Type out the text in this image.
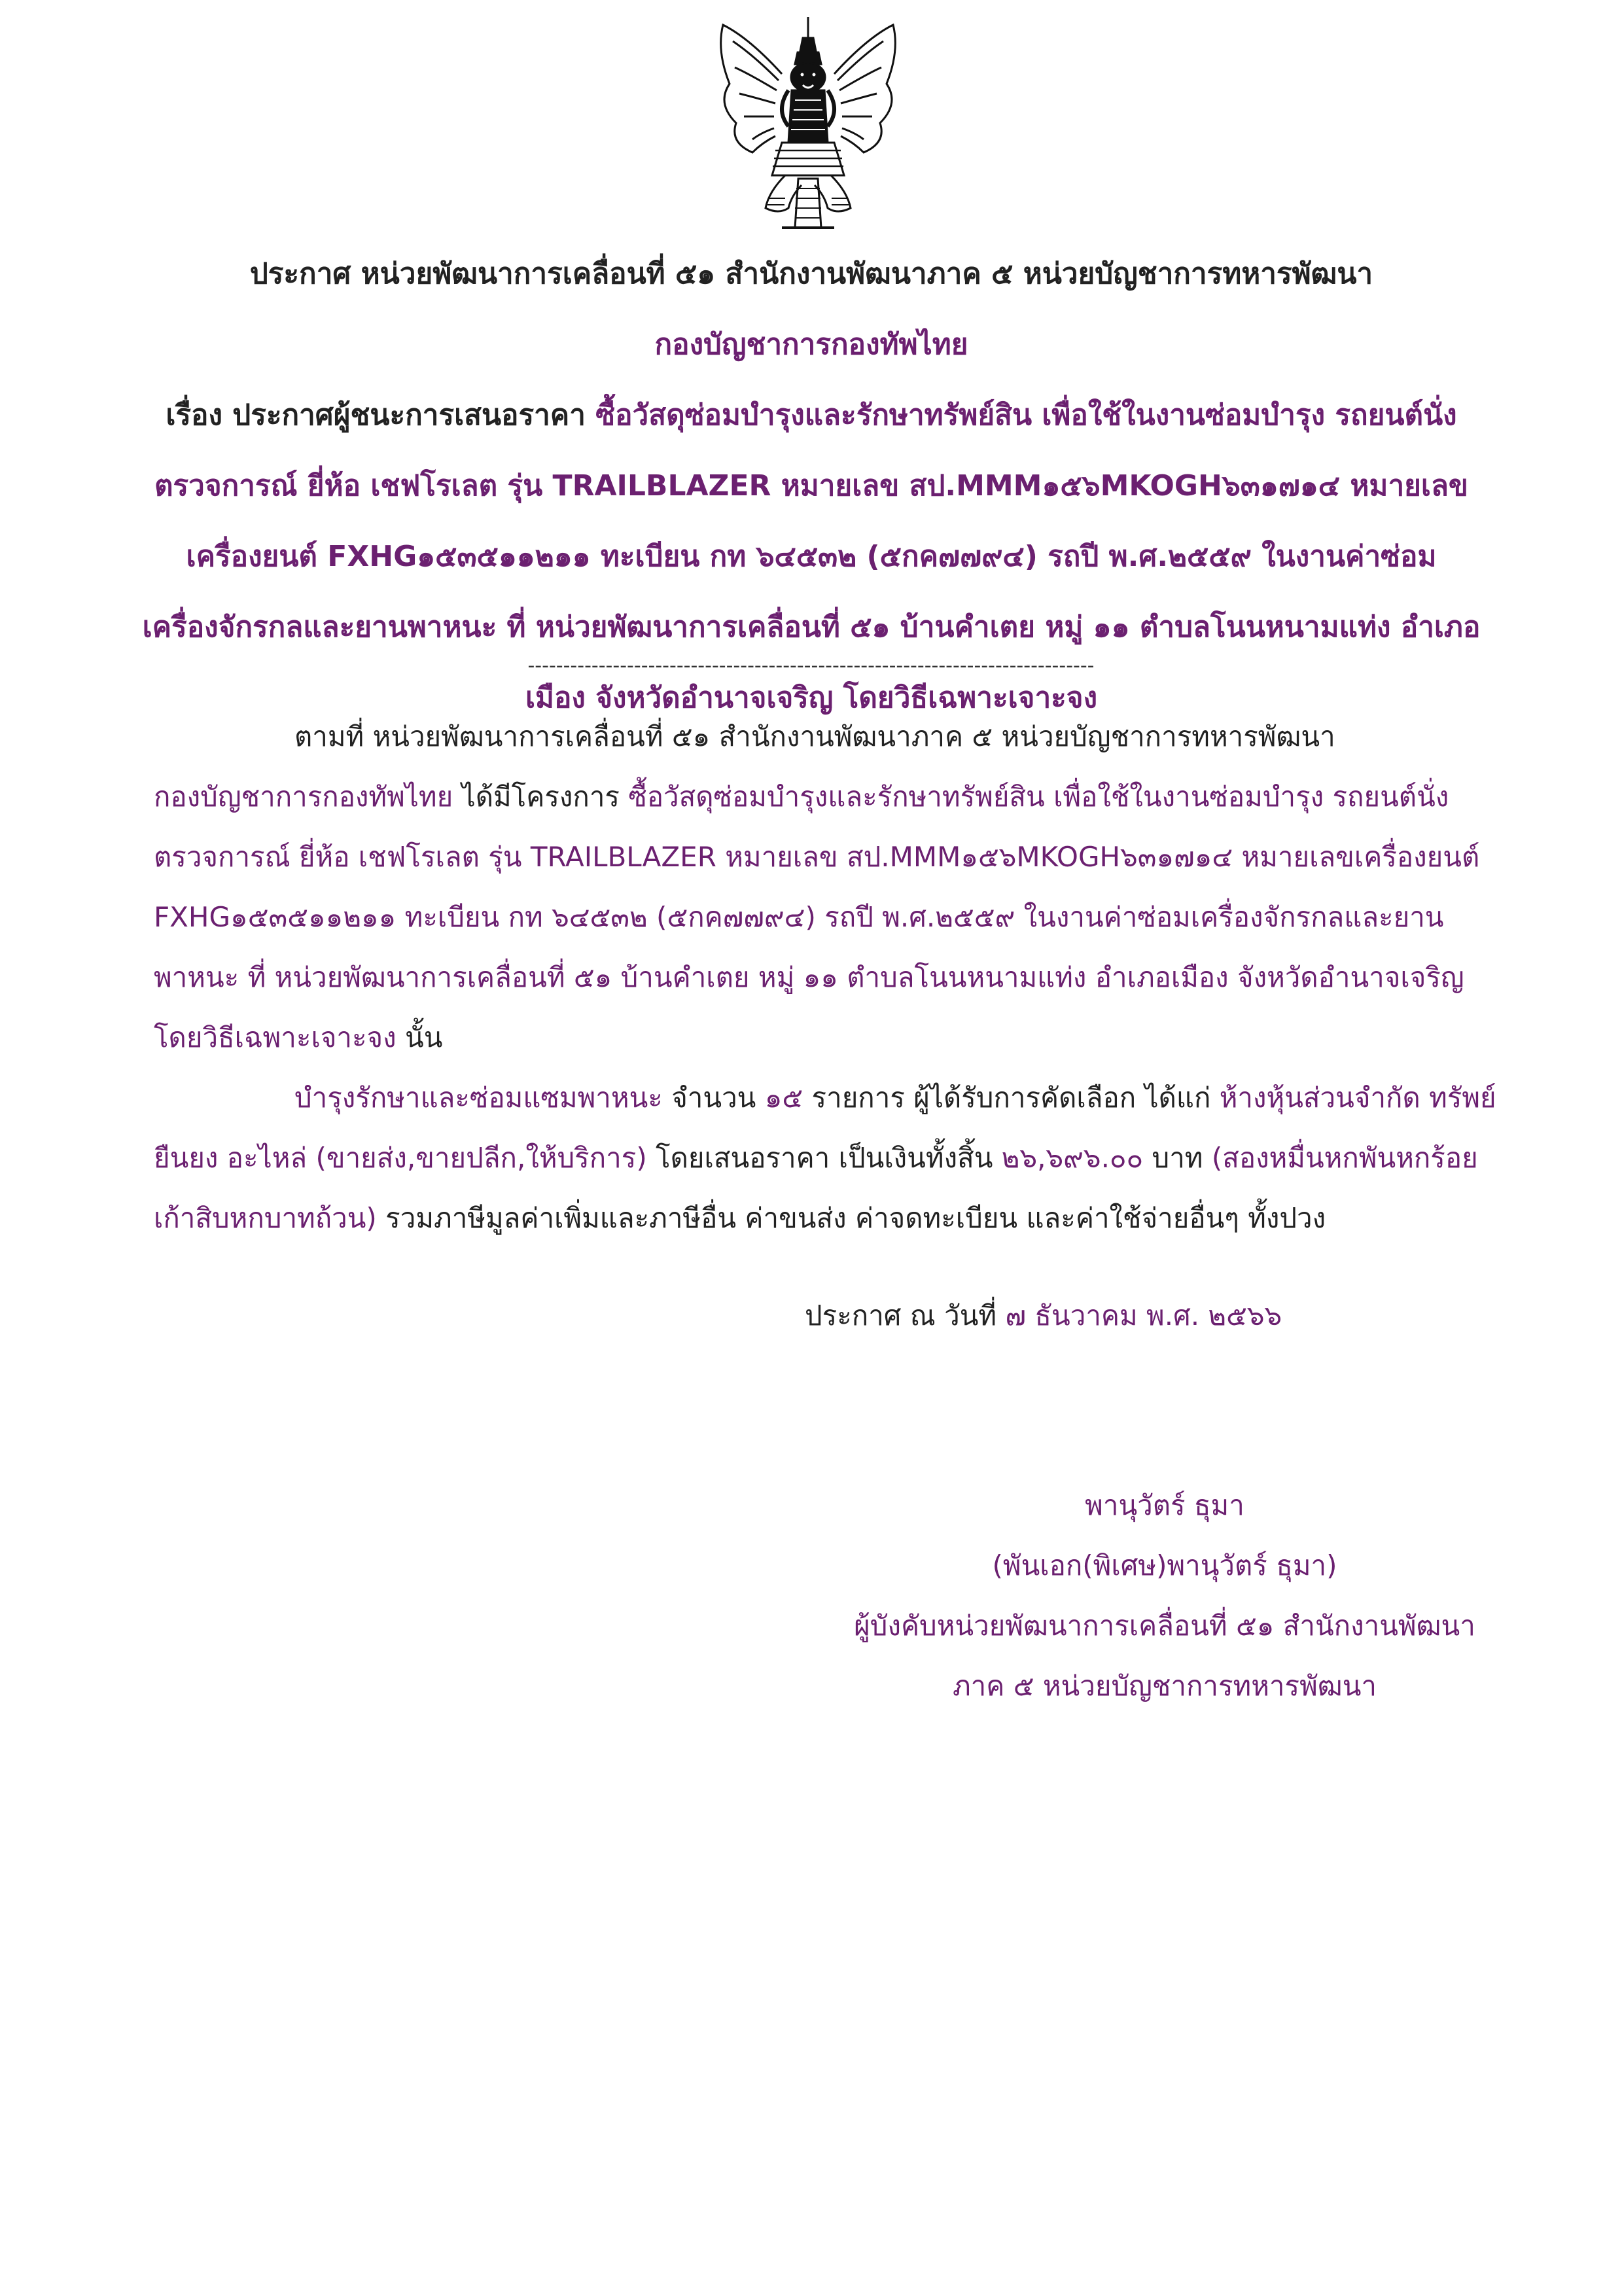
ประกาศ หน่วยพัฒนาการเคลื่อนที่ ๕๑ สำนักงานพัฒนาภาค ๕ หน่วยบัญชาการทหารพัฒนา
กองบัญชาการกองทัพไทย
เรื่อง ประกาศผู้ชนะการเสนอราคา ซื้อวัสดุซ่อมบำรุงและรักษาทรัพย์สิน เพื่อใช้ในงานซ่อมบำรุง รถยนต์นั่ง
ตรวจการณ์ ยี่ห้อ เชฟโรเลต รุ่น TRAILBLAZER หมายเลข สป.MMM๑๕๖MKOGH๖๓๑๗๑๔ หมายเลข
เครื่องยนต์ FXHG๑๕๓๕๑๑๒๑๑ ทะเบียน กท ๖๔๕๓๒ (๕กค๗๗๙๔) รถปี พ.ศ.๒๕๕๙ ในงานค่าซ่อม
เครื่องจักรกลและยานพาหนะ ที่ หน่วยพัฒนาการเคลื่อนที่ ๕๑ บ้านคำเตย หมู่ ๑๑ ตำบลโนนหนามแท่ง อำเภอ
เมือง จังหวัดอำนาจเจริญ โดยวิธีเฉพาะเจาะจง
--------------------------------------------------------------------------------
ตามที่ หน่วยพัฒนาการเคลื่อนที่ ๕๑ สำนักงานพัฒนาภาค ๕ หน่วยบัญชาการทหารพัฒนา
กองบัญชาการกองทัพไทย ได้มีโครงการ ซื้อวัสดุซ่อมบำรุงและรักษาทรัพย์สิน เพื่อใช้ในงานซ่อมบำรุง รถยนต์นั่ง
ตรวจการณ์ ยี่ห้อ เชฟโรเลต รุ่น TRAILBLAZER หมายเลข สป.MMM๑๕๖MKOGH๖๓๑๗๑๔ หมายเลขเครื่องยนต์
FXHG๑๕๓๕๑๑๒๑๑ ทะเบียน กท ๖๔๕๓๒ (๕กค๗๗๙๔) รถปี พ.ศ.๒๕๕๙ ในงานค่าซ่อมเครื่องจักรกลและยาน
พาหนะ ที่ หน่วยพัฒนาการเคลื่อนที่ ๕๑ บ้านคำเตย หมู่ ๑๑ ตำบลโนนหนามแท่ง อำเภอเมือง จังหวัดอำนาจเจริญ
โดยวิธีเฉพาะเจาะจง นั้น
บำรุงรักษาและซ่อมแซมพาหนะ จำนวน ๑๕ รายการ ผู้ได้รับการคัดเลือก ได้แก่ ห้างหุ้นส่วนจำกัด ทรัพย์
ยืนยง อะไหล่ (ขายส่ง,ขายปลีก,ให้บริการ) โดยเสนอราคา เป็นเงินทั้งสิ้น ๒๖,๖๙๖.๐๐ บาท (สองหมื่นหกพันหกร้อย
เก้าสิบหกบาทถ้วน) รวมภาษีมูลค่าเพิ่มและภาษีอื่น ค่าขนส่ง ค่าจดทะเบียน และค่าใช้จ่ายอื่นๆ ทั้งปวง
ประกาศ ณ วันที่ ๗ ธันวาคม พ.ศ. ๒๕๖๖
พานุวัตร์ ธุมา
(พันเอก(พิเศษ)พานุวัตร์ ธุมา)
ผู้บังคับหน่วยพัฒนาการเคลื่อนที่ ๕๑ สำนักงานพัฒนา
ภาค ๕ หน่วยบัญชาการทหารพัฒนา
